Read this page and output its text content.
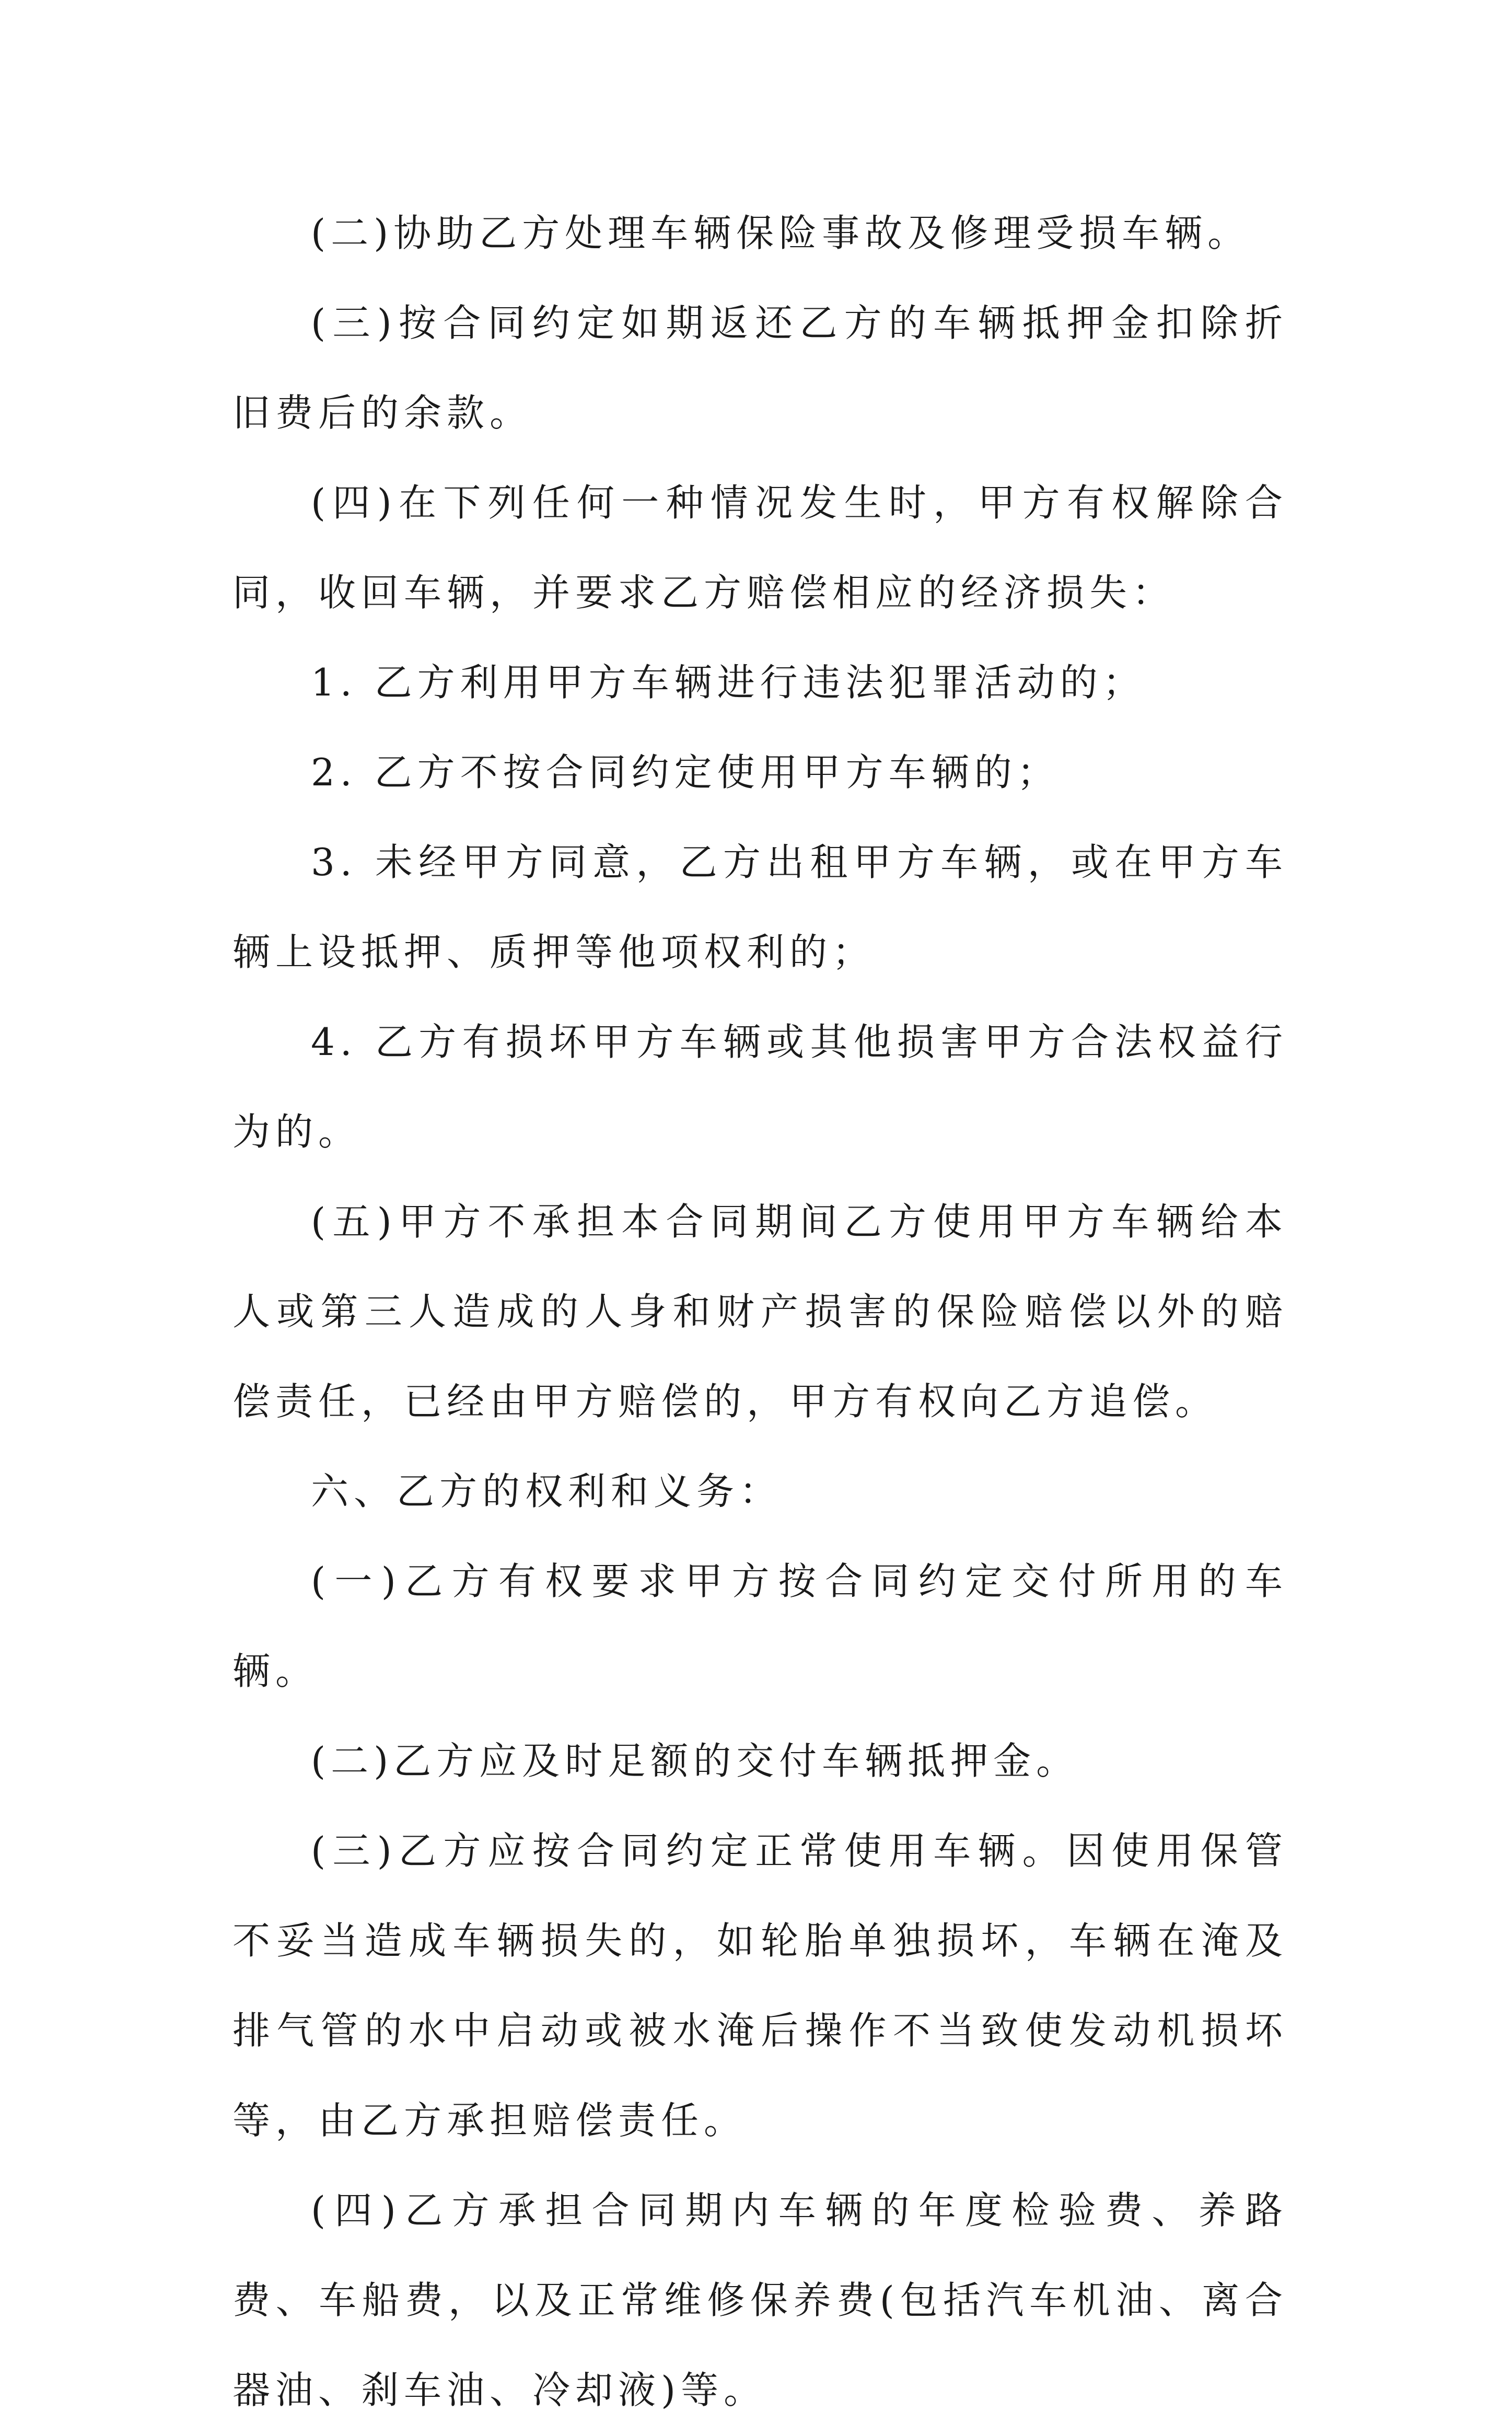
(二)协助乙方处理车辆保险事故及修理受损车辆。

(三)按合同约定如期返还乙方的车辆抵押金扣除折旧费后的余款。

(四)在下列任何一种情况发生时，甲方有权解除合同，收回车辆，并要求乙方赔偿相应的经济损失：

1. 乙方利用甲方车辆进行违法犯罪活动的；

2. 乙方不按合同约定使用甲方车辆的；

3. 未经甲方同意，乙方出租甲方车辆，或在甲方车辆上设抵押、质押等他项权利的；

4. 乙方有损坏甲方车辆或其他损害甲方合法权益行为的。

(五)甲方不承担本合同期间乙方使用甲方车辆给本人或第三人造成的人身和财产损害的保险赔偿以外的赔偿责任，已经由甲方赔偿的，甲方有权向乙方追偿。

六、乙方的权利和义务：

(一)乙方有权要求甲方按合同约定交付所用的车辆。

(二)乙方应及时足额的交付车辆抵押金。

(三)乙方应按合同约定正常使用车辆。因使用保管不妥当造成车辆损失的，如轮胎单独损坏，车辆在淹及排气管的水中启动或被水淹后操作不当致使发动机损坏等，由乙方承担赔偿责任。

(四)乙方承担合同期内车辆的年度检验费、养路费、车船费，以及正常维修保养费(包括汽车机油、离合器油、刹车油、冷却液)等。
